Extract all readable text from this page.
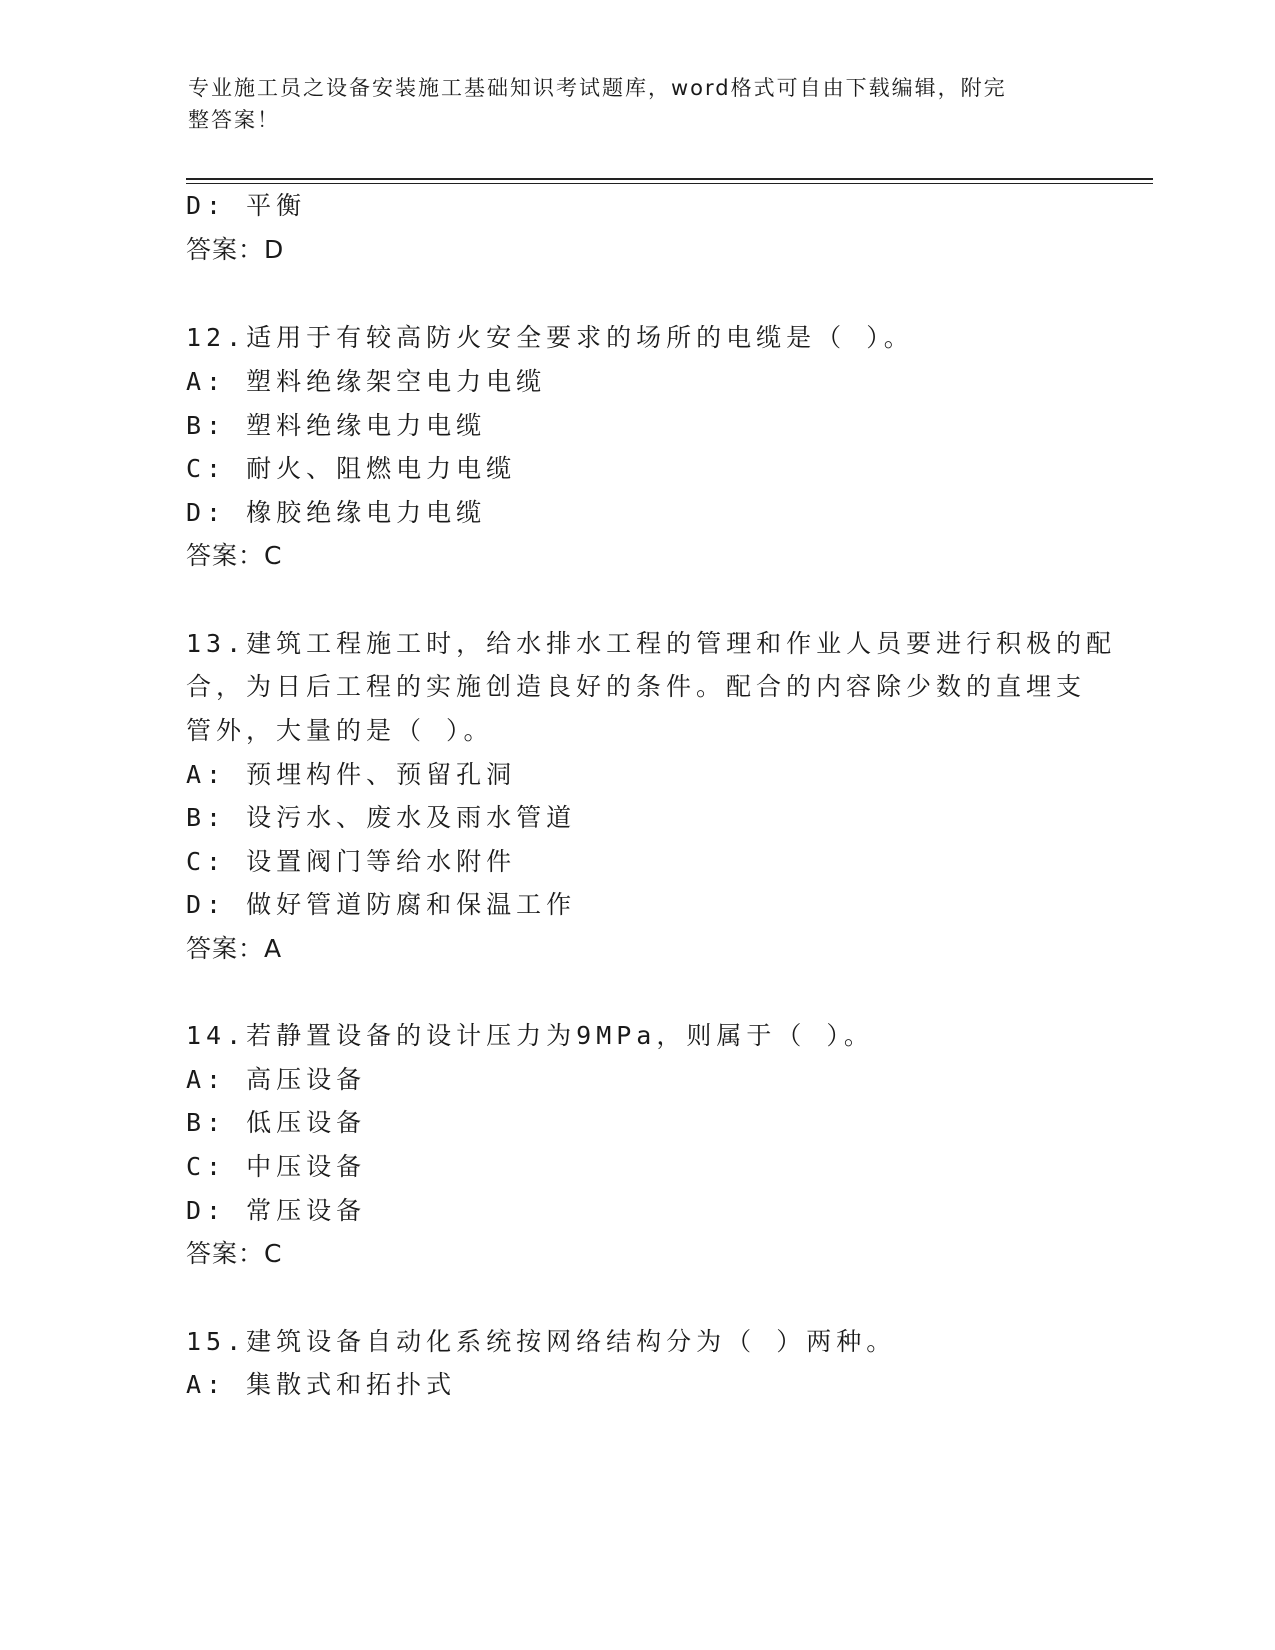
专业施工员之设备安装施工基础知识考试题库，word格式可自由下载编辑，附完
整答案！
D: 平衡
答案：D
12.适用于有较高防火安全要求的场所的电缆是（ ）。
A: 塑料绝缘架空电力电缆
B: 塑料绝缘电力电缆
C: 耐火、阻燃电力电缆
D: 橡胶绝缘电力电缆
答案：C
13.建筑工程施工时，给水排水工程的管理和作业人员要进行积极的配
合，为日后工程的实施创造良好的条件。配合的内容除少数的直埋支
管外，大量的是（ ）。
A: 预埋构件、预留孔洞
B: 设污水、废水及雨水管道
C: 设置阀门等给水附件
D: 做好管道防腐和保温工作
答案：A
14.若静置设备的设计压力为9MPa，则属于（ ）。
A: 高压设备
B: 低压设备
C: 中压设备
D: 常压设备
答案：C
15.建筑设备自动化系统按网络结构分为（ ）两种。
A: 集散式和拓扑式
